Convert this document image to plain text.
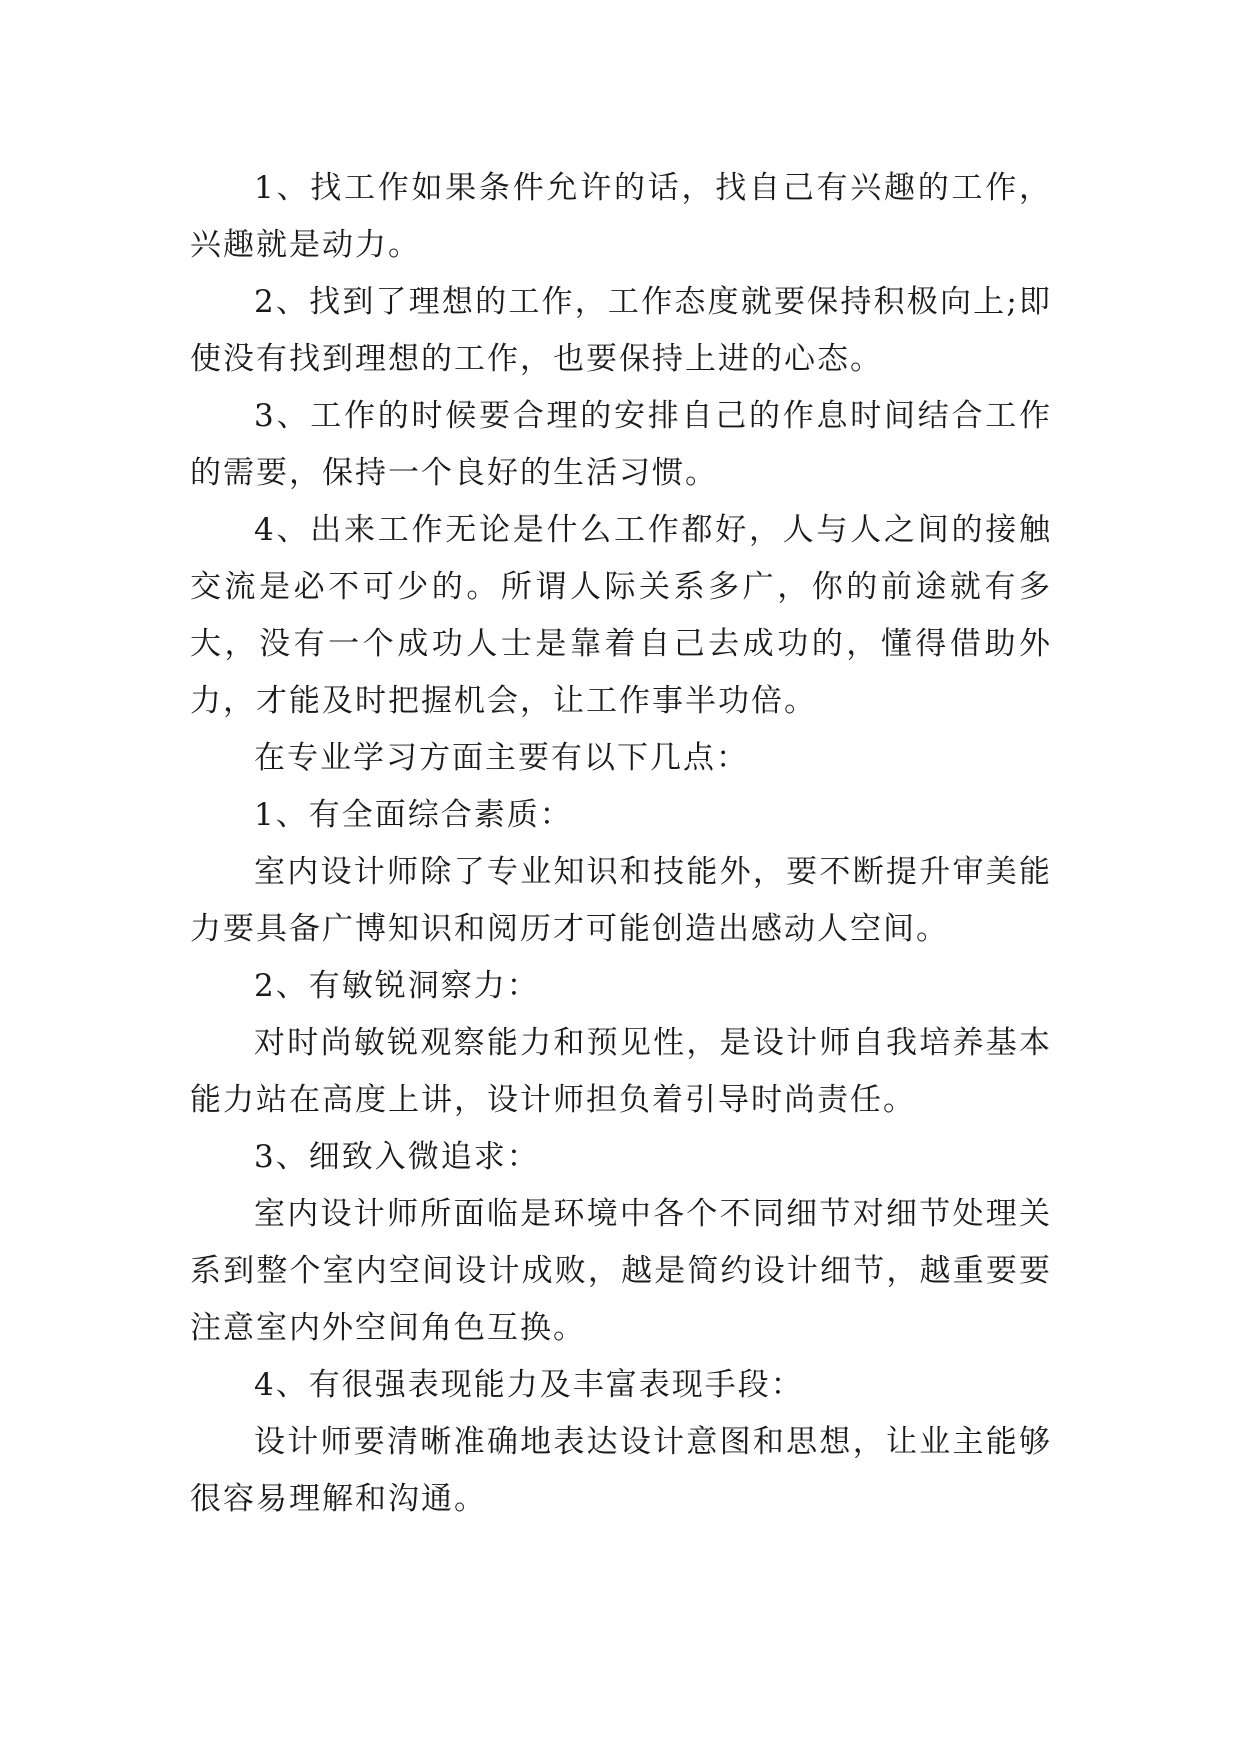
1、找工作如果条件允许的话，找自己有兴趣的工作，兴趣就是动力。

2、找到了理想的工作，工作态度就要保持积极向上;即使没有找到理想的工作，也要保持上进的心态。

3、工作的时候要合理的安排自己的作息时间结合工作的需要，保持一个良好的生活习惯。

4、出来工作无论是什么工作都好，人与人之间的接触交流是必不可少的。所谓人际关系多广，你的前途就有多大，没有一个成功人士是靠着自己去成功的，懂得借助外力，才能及时把握机会，让工作事半功倍。

在专业学习方面主要有以下几点：

1、有全面综合素质：

室内设计师除了专业知识和技能外，要不断提升审美能力要具备广博知识和阅历才可能创造出感动人空间。

2、有敏锐洞察力：

对时尚敏锐观察能力和预见性，是设计师自我培养基本能力站在高度上讲，设计师担负着引导时尚责任。

3、细致入微追求：

室内设计师所面临是环境中各个不同细节对细节处理关系到整个室内空间设计成败，越是简约设计细节，越重要要注意室内外空间角色互换。

4、有很强表现能力及丰富表现手段：

设计师要清晰准确地表达设计意图和思想，让业主能够很容易理解和沟通。
